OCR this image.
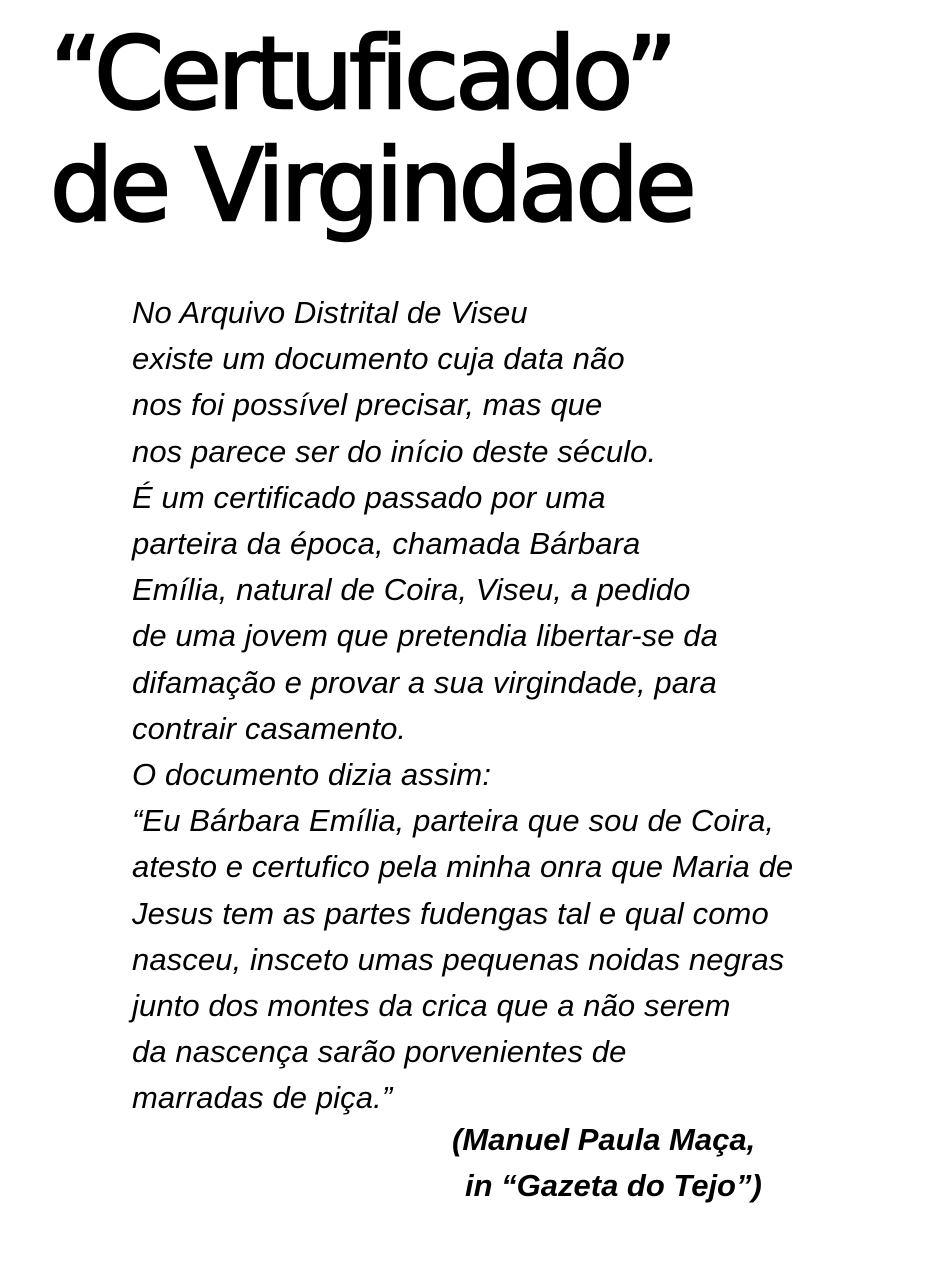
“Certuficado”
de Virgindade
No Arquivo Distrital de Viseu
existe um documento cuja data não
nos foi possível precisar, mas que
nos parece ser do início deste século.
É um certificado passado por uma
parteira da época, chamada Bárbara
Emília, natural de Coira, Viseu, a pedido
de uma jovem que pretendia libertar-se da
difamação e provar a sua virgindade, para
contrair casamento.
O documento dizia assim:
“Eu Bárbara Emília, parteira que sou de Coira,
atesto e certufico pela minha onra que Maria de
Jesus tem as partes fudengas tal e qual como
nasceu, insceto umas pequenas noidas negras
junto dos montes da crica que a não serem
da nascença sarão porvenientes de
marradas de piça.”
(Manuel Paula Maça,
in “Gazeta do Tejo”)
